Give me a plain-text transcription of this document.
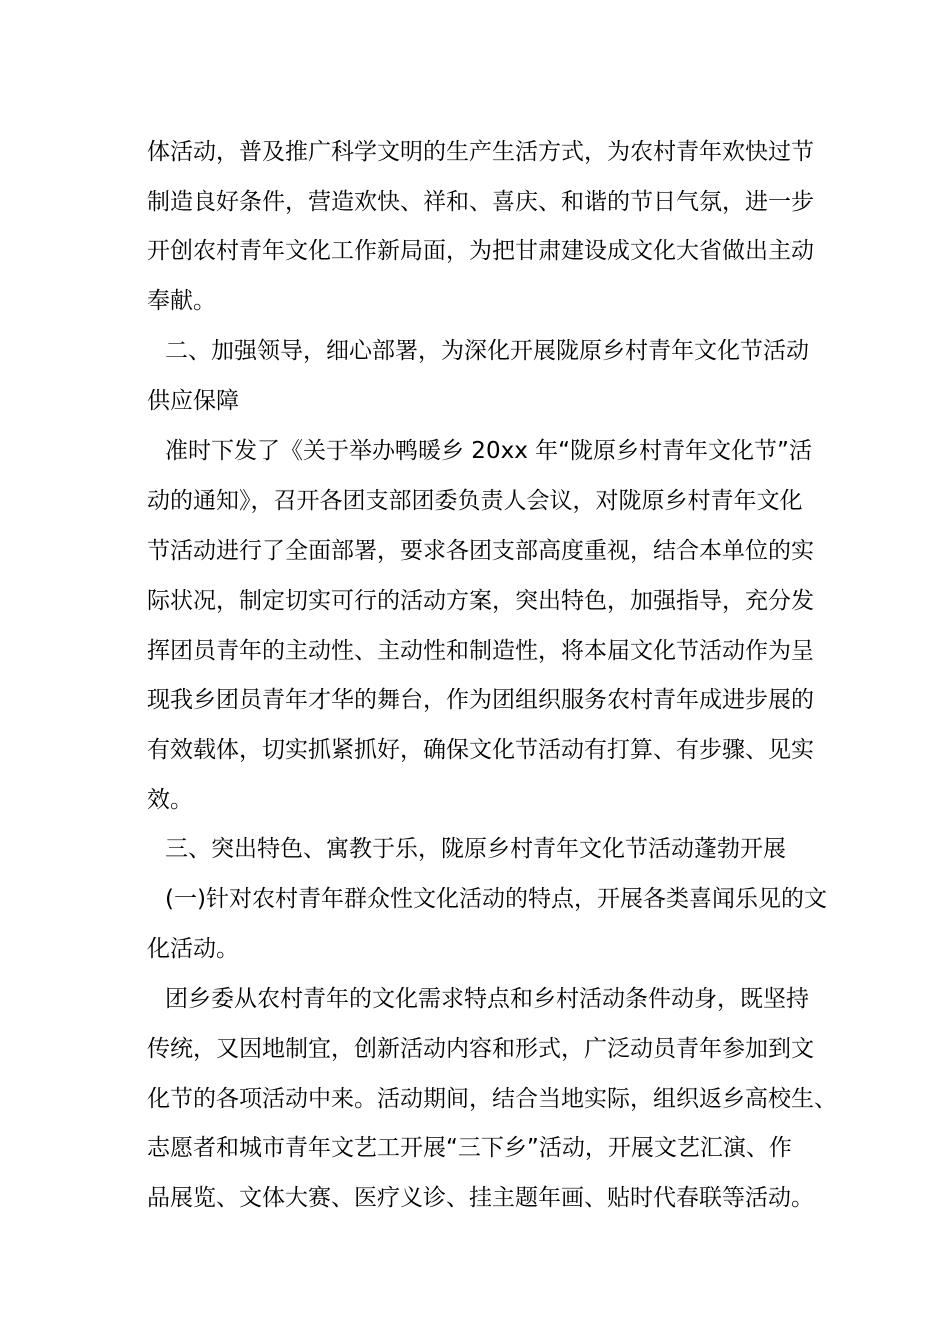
体活动，普及推广科学文明的生产生活方式，为农村青年欢快过节
制造良好条件，营造欢快、祥和、喜庆、和谐的节日气氛，进一步
开创农村青年文化工作新局面，为把甘肃建设成文化大省做出主动
奉献。
二、加强领导，细心部署，为深化开展陇原乡村青年文化节活动
供应保障
准时下发了《关于举办鸭暖乡 20xx 年“陇原乡村青年文化节”活
动的通知》，召开各团支部团委负责人会议，对陇原乡村青年文化
节活动进行了全面部署，要求各团支部高度重视，结合本单位的实
际状况，制定切实可行的活动方案，突出特色，加强指导，充分发
挥团员青年的主动性、主动性和制造性，将本届文化节活动作为呈
现我乡团员青年才华的舞台，作为团组织服务农村青年成进步展的
有效载体，切实抓紧抓好，确保文化节活动有打算、有步骤、见实
效。
三、突出特色、寓教于乐，陇原乡村青年文化节活动蓬勃开展
(一)针对农村青年群众性文化活动的特点，开展各类喜闻乐见的文
化活动。
团乡委从农村青年的文化需求特点和乡村活动条件动身，既坚持
传统，又因地制宜，创新活动内容和形式，广泛动员青年参加到文
化节的各项活动中来。活动期间，结合当地实际，组织返乡高校生、
志愿者和城市青年文艺工开展“三下乡”活动，开展文艺汇演、作
品展览、文体大赛、医疗义诊、挂主题年画、贴时代春联等活动。
